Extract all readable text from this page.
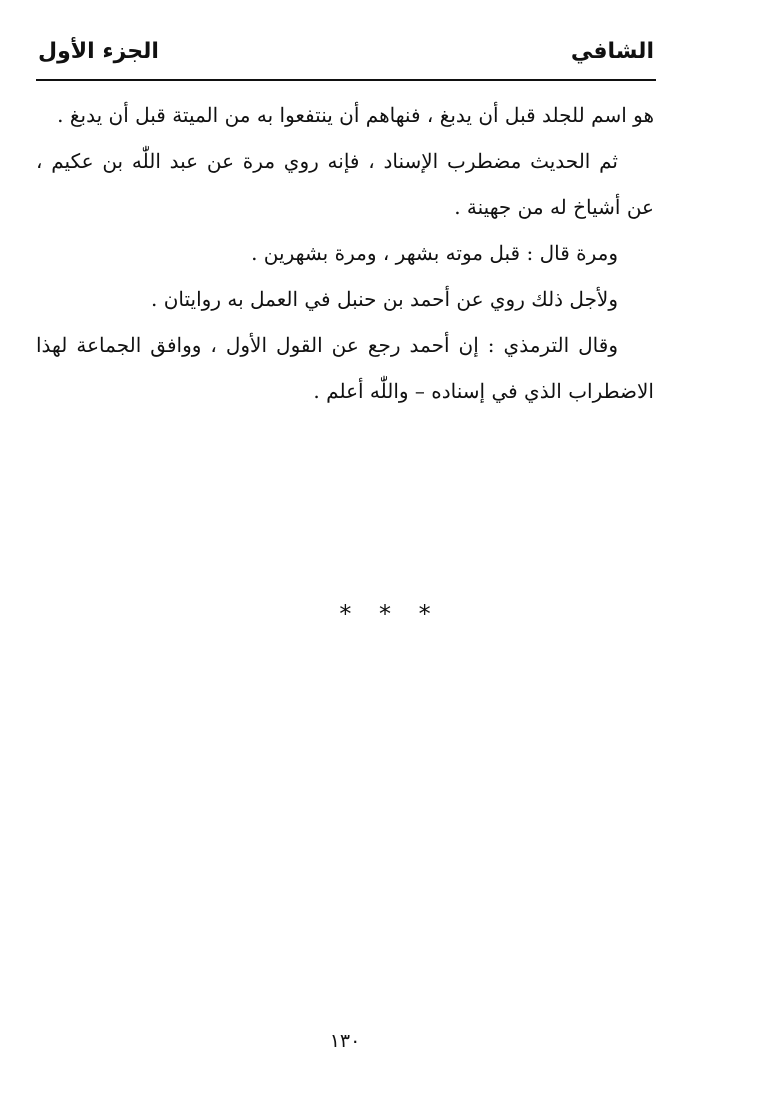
الشافي
الجزء الأول

هو اسم للجلد قبل أن يدبغ ، فنهاهم أن ينتفعوا به من الميتة قبل أن يدبغ .

ثم الحديث مضطرب الإسناد ، فإنه روي مرة عن عبد اللّٰه بن عكيم ، عن أشياخ له من جهينة .

ومرة قال : قبل موته بشهر ، ومرة بشهرين .

ولأجل ذلك روي عن أحمد بن حنبل في العمل به روايتان .

وقال الترمذي : إن أحمد رجع عن القول الأول ، ووافق الجماعة لهذا الاضطراب الذي في إسناده – واللّٰه أعلم .

* * *
١٣٠
